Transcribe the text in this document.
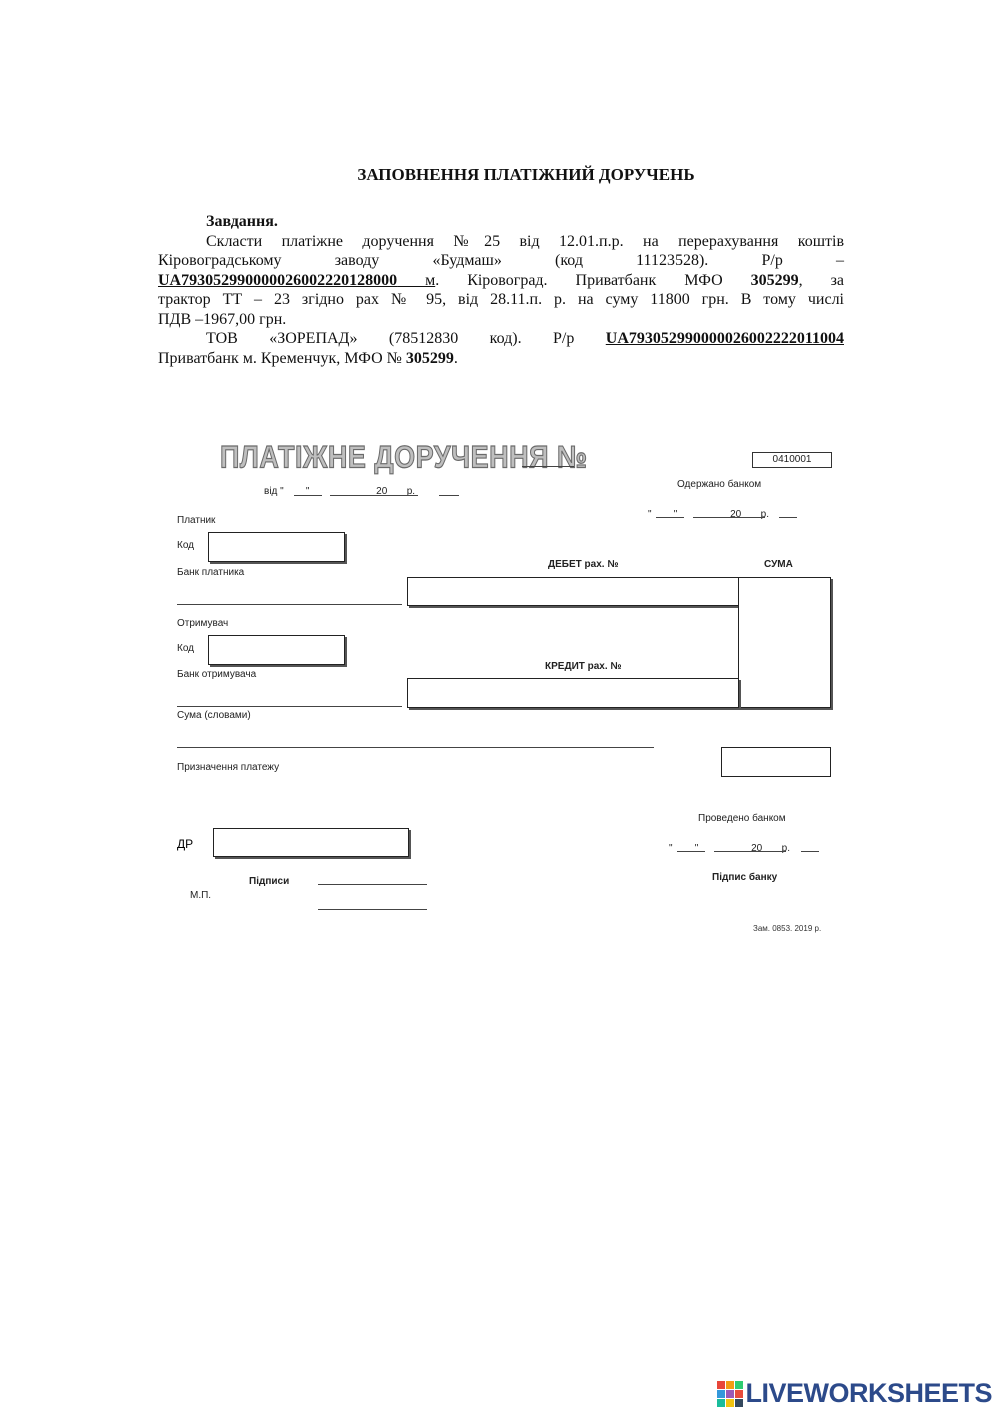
ЗАПОВНЕННЯ ПЛАТІЖНИЙ ДОРУЧЕНЬ

Завдання.

Скласти платіжне доручення №25 від 12.01.п.р. на перерахування коштів

Кіровоградському заводу «Будмаш» (код 11123528). Р/р –

UA793052990000026002220128000 м. Кіровоград. Приватбанк МФО 305299, за

трактор ТТ – 23 згідно рах № 95, від 28.11.п. р. на суму 11800 грн. В тому числі

ПДВ –1967,00 грн.

ТОВ «ЗОРЕПАД» (78512830 код). Р/р UA793052990000026002222011004

Приватбанк м. Кременчук, МФО № 305299.

ПЛАТІЖНЕ ДОРУЧЕННЯ №	0410001
від "        "                        20       р.
Одержано банком
"        "                   20       р.
Платник
Код
Банк платника
ДЕБЕТ рах. №	СУМА
Отримувач
Код
Банк отримувача
КРЕДИТ рах. №
Сума (словами)
Призначення платежу
Проведено банком
"        "                   20       р.
ДР
Підписи
М.П.
Підпис банку
Зам. 0853. 2019 р.
LIVEWORKSHEETS
